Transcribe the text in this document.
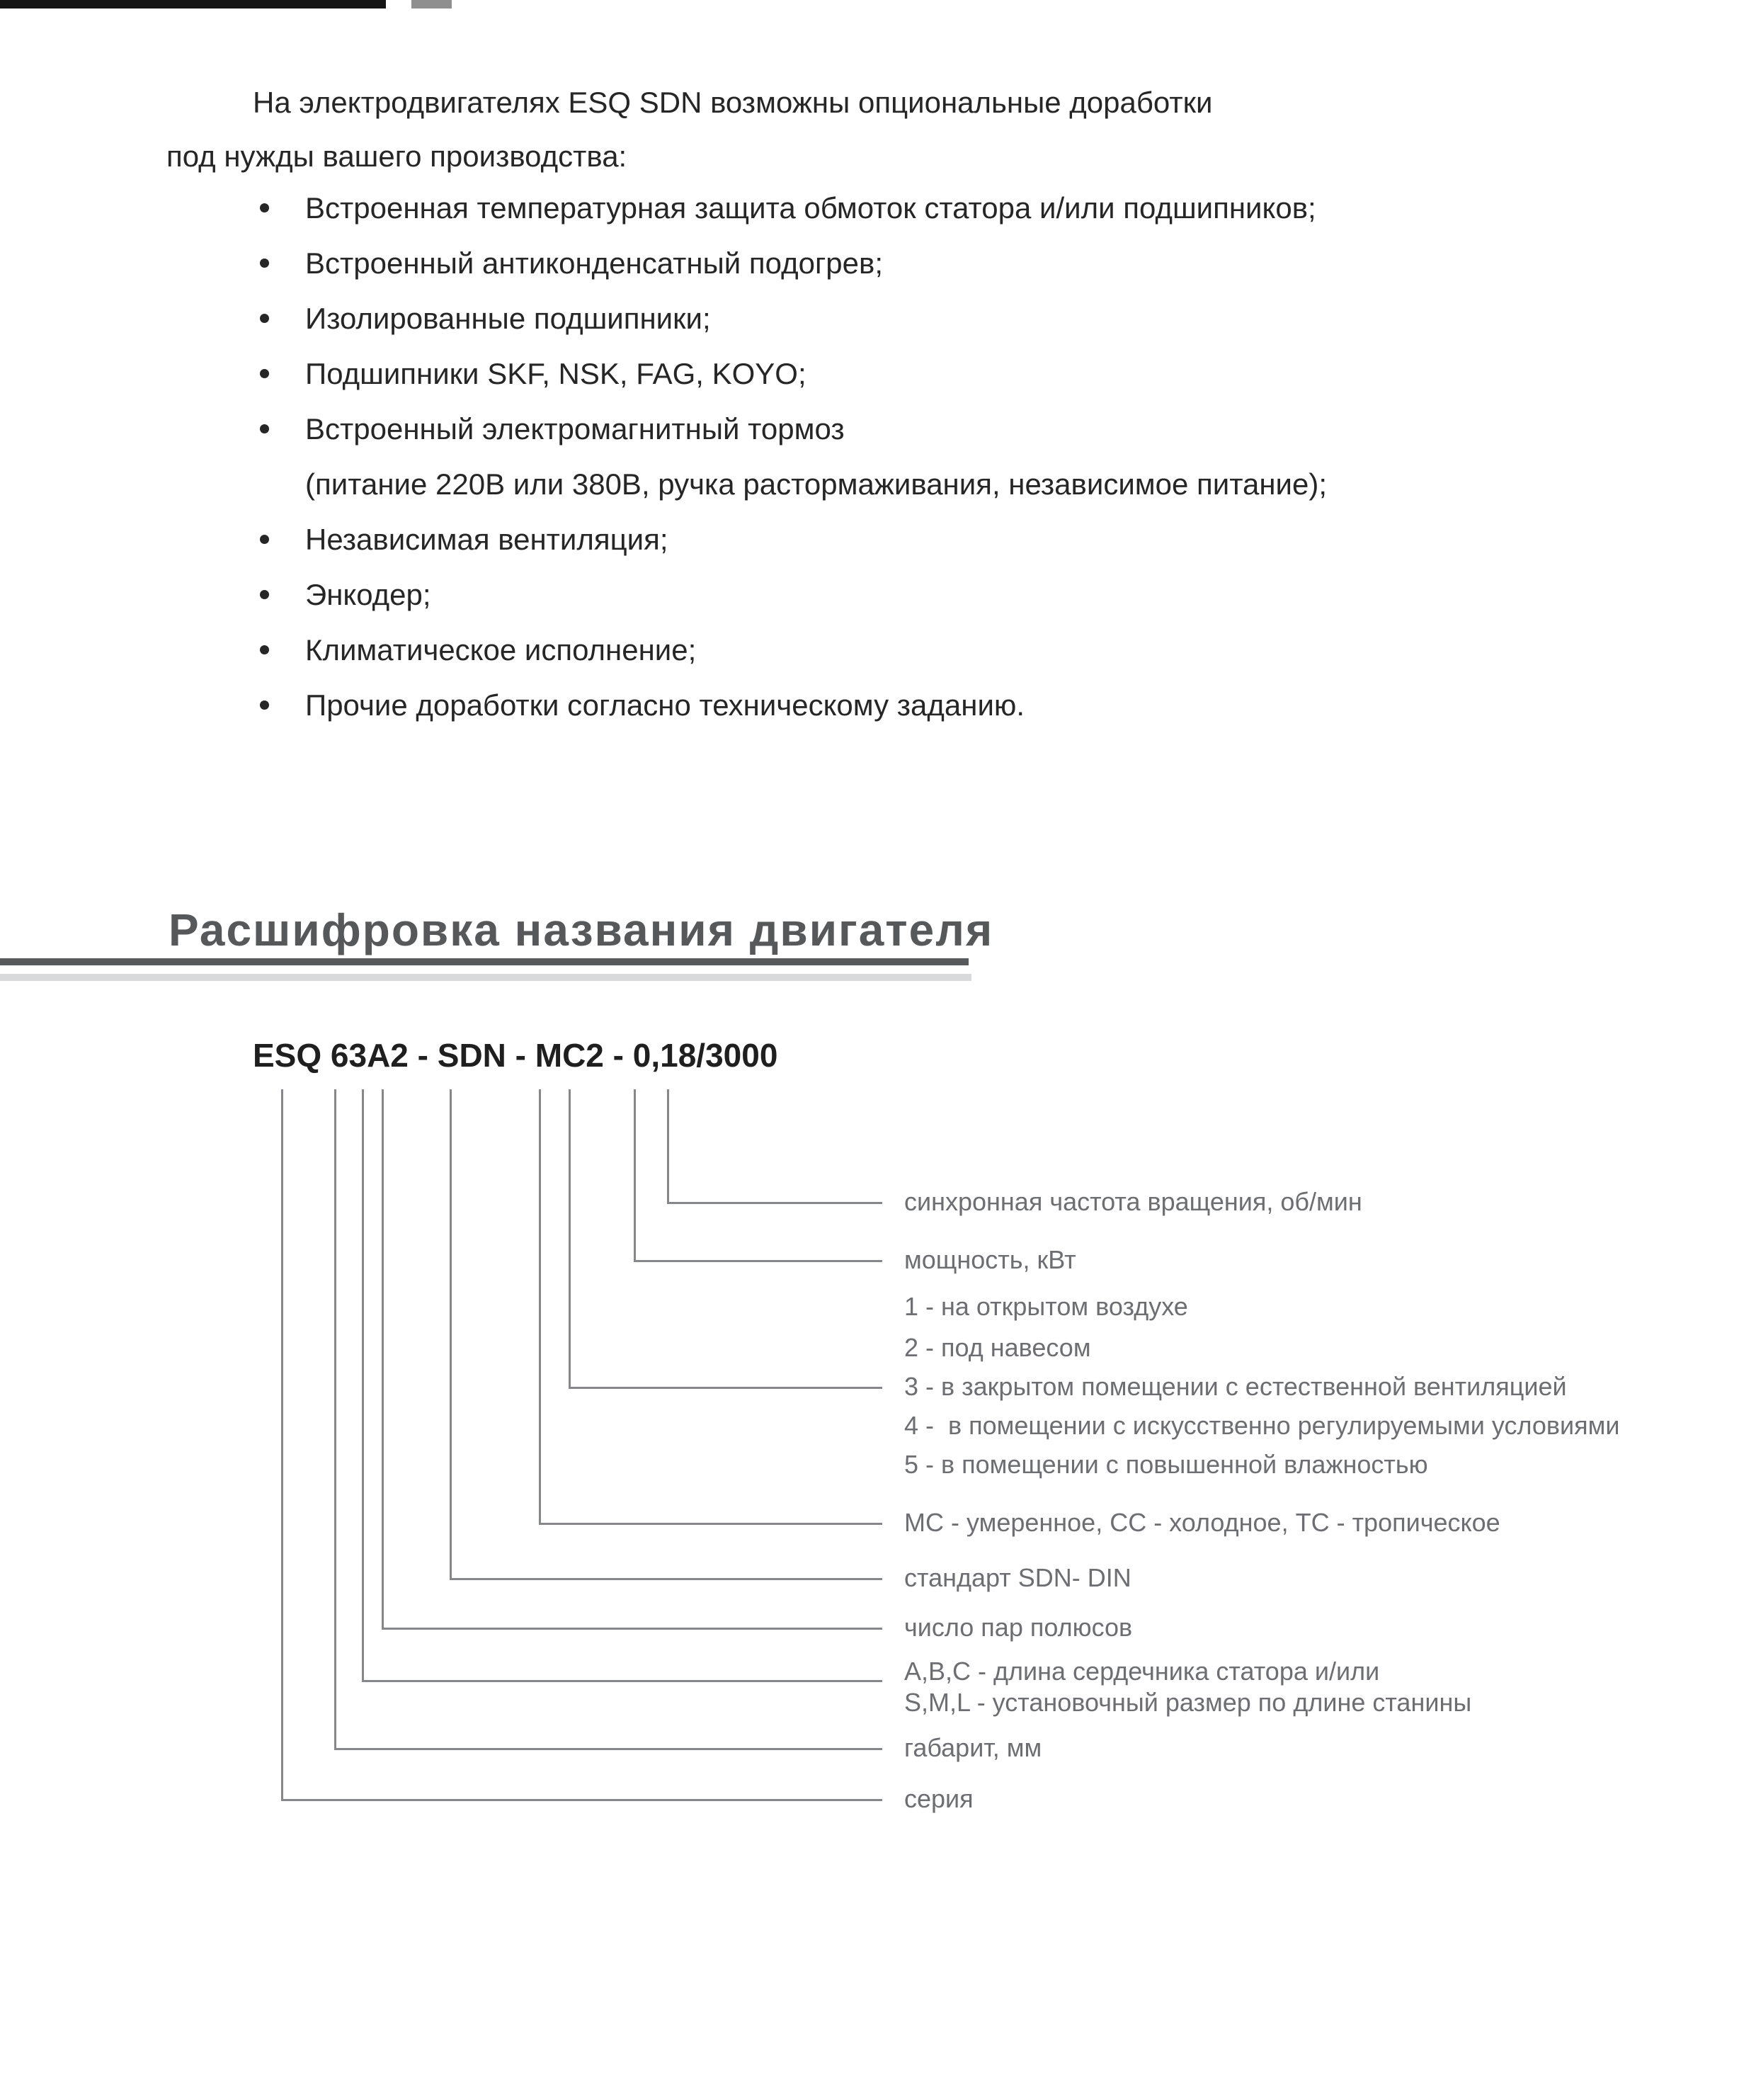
На электродвигателях ESQ SDN возможны опциональные доработки
под нужды вашего производства:
Встроенная температурная защита обмоток статора и/или подшипников;
Встроенный антиконденсатный подогрев;
Изолированные подшипники;
Подшипники SKF, NSK, FAG, KOYO;
Встроенный электромагнитный тормоз
(питание 220В или 380В, ручка растормаживания, независимое питание);
Независимая вентиляция;
Энкодер;
Климатическое исполнение;
Прочие доработки согласно техническому заданию.
Расшифровка названия двигателя
ESQ 63A2 - SDN - MC2 - 0,18/3000
синхронная частота вращения, об/мин
мощность, кВт
1 - на открытом воздухе
2 - под навесом
3 - в закрытом помещении с естественной вентиляцией
4 -  в помещении с искусственно регулируемыми условиями
5 - в помещении с повышенной влажностью
МС - умеренное, СС - холодное, ТС - тропическое
стандарт SDN- DIN
число пар полюсов
А,B,C - длина сердечника статора и/или
S,M,L - установочный размер по длине станины
габарит, мм
серия
